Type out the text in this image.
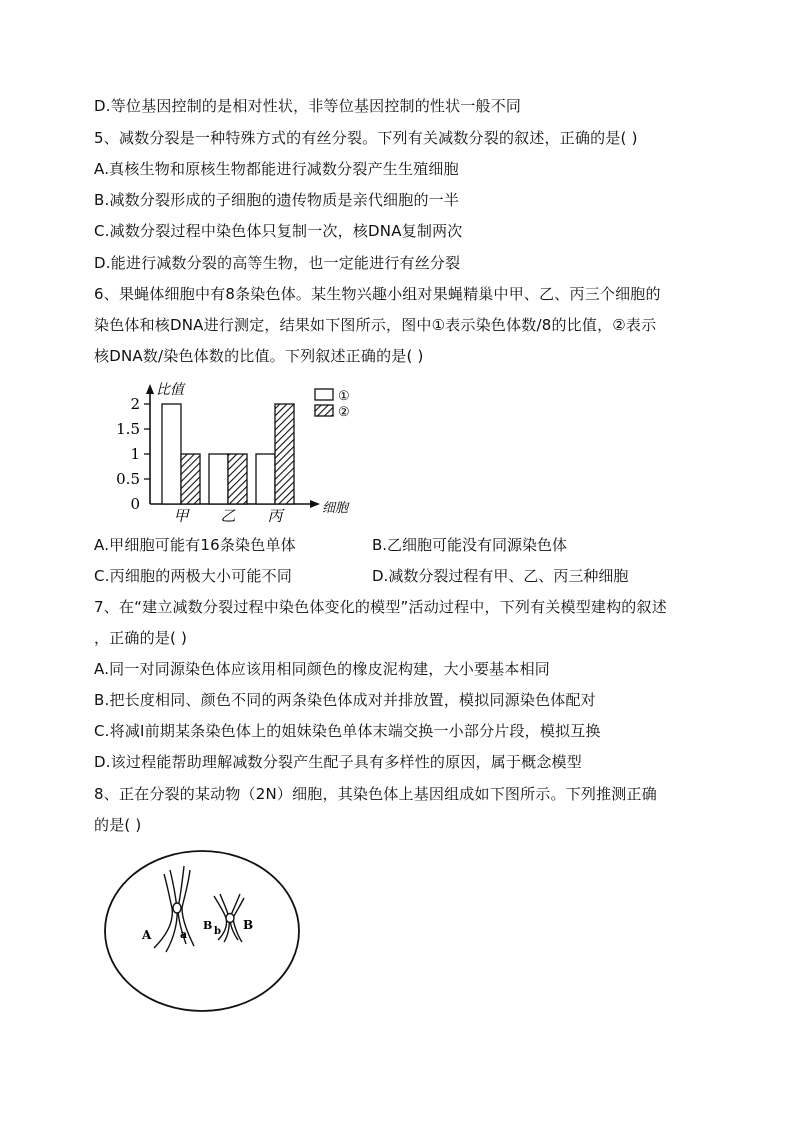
D.等位基因控制的是相对性状，非等位基因控制的性状一般不同
5、减数分裂是一种特殊方式的有丝分裂。下列有关减数分裂的叙述，正确的是( )
A.真核生物和原核生物都能进行减数分裂产生生殖细胞
B.减数分裂形成的子细胞的遗传物质是亲代细胞的一半
C.减数分裂过程中染色体只复制一次，核DNA复制两次
D.能进行减数分裂的高等生物，也一定能进行有丝分裂
6、果蝇体细胞中有8条染色体。某生物兴趣小组对果蝇精巢中甲、乙、丙三个细胞的
染色体和核DNA进行测定，结果如下图所示，图中①表示染色体数/8的比值，②表示
核DNA数/染色体数的比值。下列叙述正确的是( )
比值
细胞
0
0.5
1
1.5
2
甲 乙 丙
①
②
A.甲细胞可能有16条染色单体	B.乙细胞可能没有同源染色体
C.丙细胞的两极大小可能不同	D.减数分裂过程有甲、乙、丙三种细胞
7、在“建立减数分裂过程中染色体变化的模型”活动过程中，下列有关模型建构的叙述
，正确的是( )
A.同一对同源染色体应该用相同颜色的橡皮泥构建，大小要基本相同
B.把长度相同、颜色不同的两条染色体成对并排放置，模拟同源染色体配对
C.将减Ⅰ前期某条染色体上的姐妹染色单体末端交换一小部分片段，模拟互换
D.该过程能帮助理解减数分裂产生配子具有多样性的原因，属于概念模型
8、正在分裂的某动物（2N）细胞，其染色体上基因组成如下图所示。下列推测正确
的是( )
A	a
B b B
